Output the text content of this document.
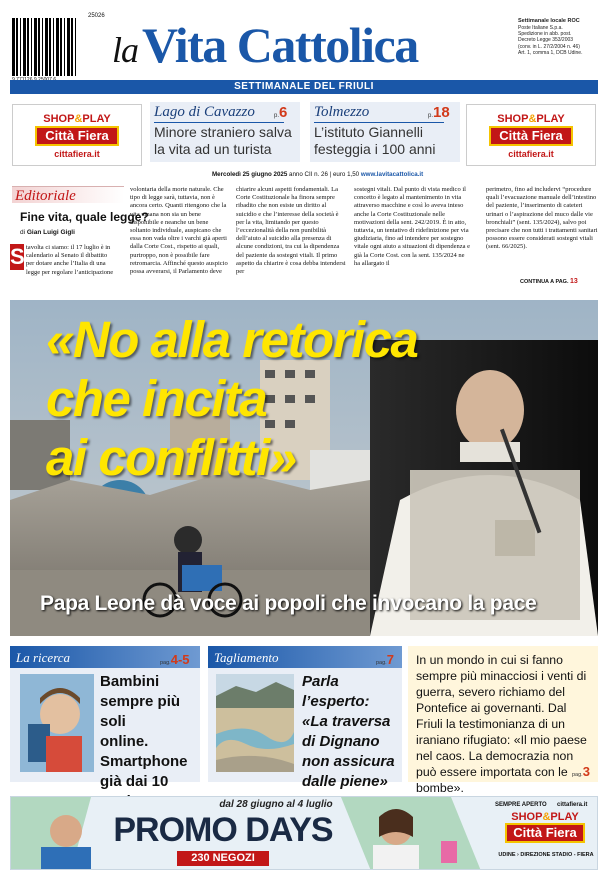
25026
la Vita Cattolica	Settimanale locale ROC
Poste Italiane S.p.a.
Spedizione in abb. post.
Decreto Legge 353/2003
(conv. in L. 27/2/2004 n. 46)
Art. 1, comma 1, DCB Udine.
SETTIMANALE DEL FRIULI
SHOP&PLAY
Città Fiera
cittafiera.it
SHOP&PLAY
Città Fiera
cittafiera.it
Lago di Cavazzo	p.6
Minore straniero salva la vita ad un turista
Tolmezzo	p.18
L’istituto Giannelli festeggia i 100 anni
Mercoledì 25 giugno 2025 anno CII n. 26 | euro 1,50 www.lavitacattolica.it
Editoriale
Fine vita, quale legge?
di Gian Luigi Gigli
S tavolta ci siamo: il 17 luglio è in calendario al Senato il dibattito per dotare anche l’Italia di una legge per regolare l’anticipazione
volontaria della morte naturale. Che tipo di legge sarà, tuttavia, non è ancora certo. Quanti ritengono che la vita umana non sia un bene disponibile e neanche un bene soltanto individuale, auspicano che essa non vada oltre i varchi già aperti dalla Corte Cost., rispetto ai quali, purtroppo, non è possibile fare retromarcia. Affinché questo auspicio possa avverarsi, il Parlamento deve
chiarire alcuni aspetti fondamentali. La Corte Costituzionale ha finora sempre ribadito che non esiste un diritto al suicidio e che l’interesse della società è per la vita, limitando per questo l’eccezionalità della non punibilità dell’aiuto al suicidio alla presenza di alcune condizioni, tra cui la dipendenza del paziente da sostegni vitali. Il primo aspetto da chiarire è cosa debba intendersi per
sostegni vitali. Dal punto di vista medico il concetto è legato al mantenimento in vita attraverso macchine e così lo aveva inteso anche la Corte Costituzionale nelle motivazioni della sent. 242/2019. È in atto, tuttavia, un tentativo di ridefinizione per via giudiziaria, fino ad intendere per sostegno vitale ogni aiuto a situazioni di dipendenza e già la Corte Cost. con la sent. 135/2024 ne ha allargato il
perimetro, fino ad includervi “procedure quali l’evacuazione manuale dell’intestino del paziente, l’inserimento di cateteri urinari o l’aspirazione del muco dalle vie bronchiali” (sent. 135/2024), salvo poi precisare che non tutti i trattamenti sanitari possono essere considerati sostegni vitali (sent. 66/2025).
CONTINUA A PAG. 13
«No alla retorica
che incita
ai conflitti»
Papa Leone dà voce ai popoli che invocano la pace
La ricerca	pag.4-5
Bambini
sempre più soli
online.
Smartphone
già dai 10
Tagliamento	pag.7
Parla l’esperto:
«La traversa
di Dignano
non assicura
dalle piene»
In un mondo in cui si fanno sempre più minacciosi i venti di guerra, severo richiamo del Pontefice ai governanti. Dal Friuli la testimonianza di un iraniano rifugiato: «Il mio paese nel caos. La democrazia non può essere importata con le bombe».
pag.3
dal 28 giugno al 4 luglio
PROMO DAYS
230 NEGOZI
SEMPRE APERTO cittafiera.it
SHOP&PLAY
Città Fiera
UDINE › DIREZIONE STADIO - FIERA
